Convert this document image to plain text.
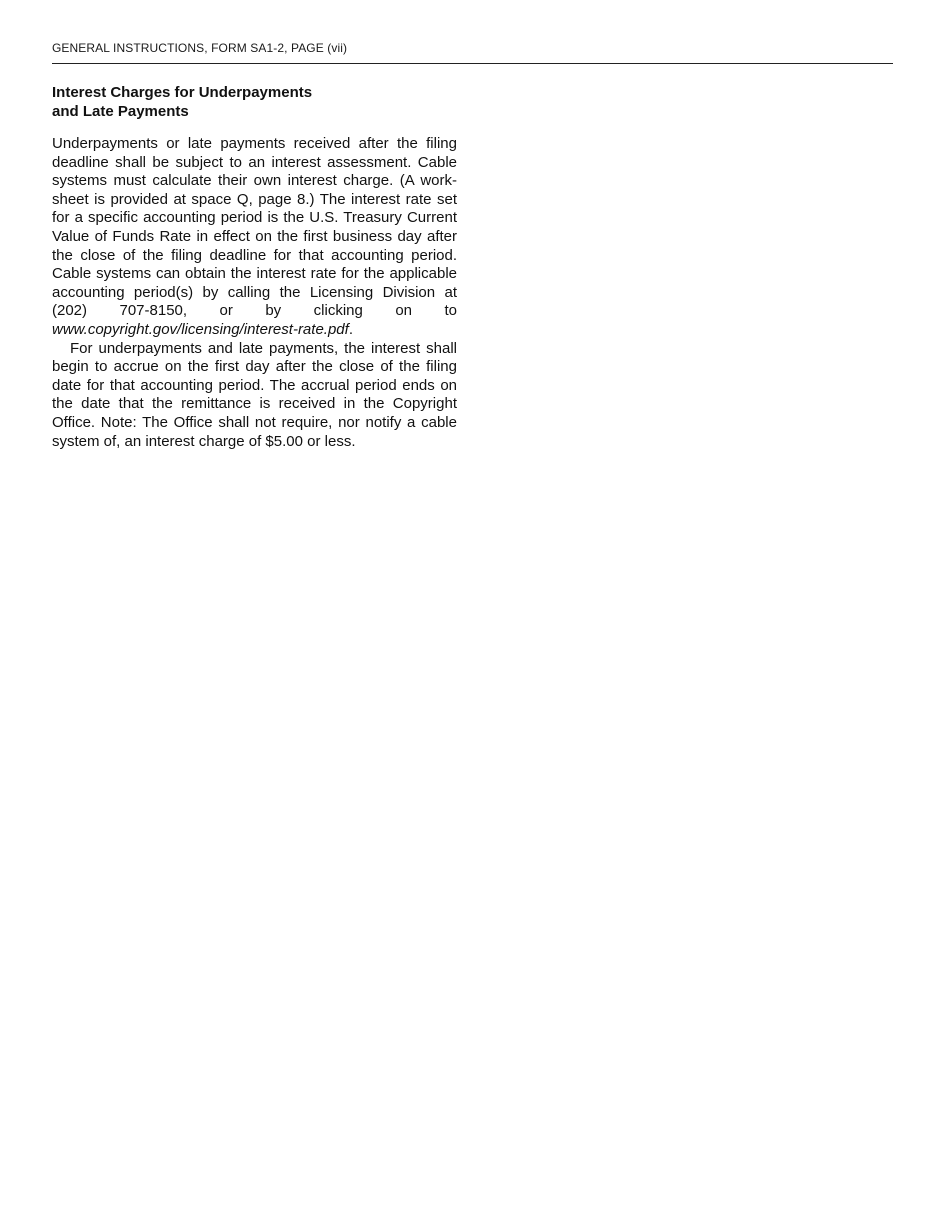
GENERAL INSTRUCTIONS, FORM SA1-2, PAGE (vii)
Interest Charges for Underpayments
and Late Payments

Underpayments or late payments received after the filing deadline shall be subject to an interest assessment. Cable systems must calculate their own interest charge. (A work-sheet is provided at space Q, page 8.) The interest rate set for a specific accounting period is the U.S. Treasury Current Value of Funds Rate in effect on the first business day after the close of the filing deadline for that accounting period. Cable systems can obtain the interest rate for the applicable accounting period(s) by calling the Licensing Division at (202) 707-8150, or by clicking on to www.copyright.gov/licensing/interest-rate.pdf.

For underpayments and late payments, the interest shall begin to accrue on the first day after the close of the filing date for that accounting period. The accrual period ends on the date that the remittance is received in the Copyright Office. Note: The Office shall not require, nor notify a cable system of, an interest charge of $5.00 or less.
